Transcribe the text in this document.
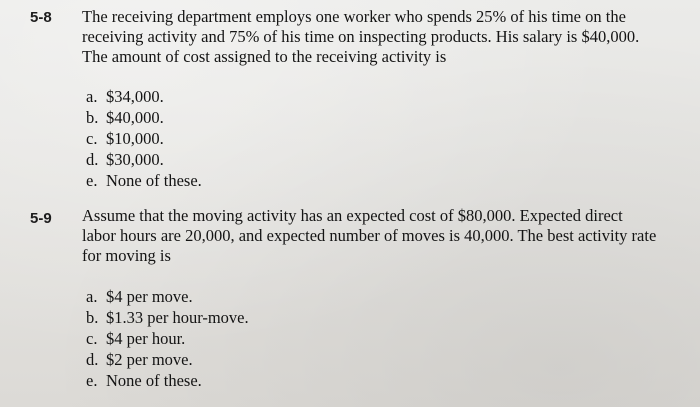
5-8 The receiving department employs one worker who spends 25% of his time on the
receiving activity and 75% of his time on inspecting products. His salary is $40,000.
The amount of cost assigned to the receiving activity is

a. $34,000.
b. $40,000.
c. $10,000.
d. $30,000.
e. None of these.
5-9 Assume that the moving activity has an expected cost of $80,000. Expected direct
labor hours are 20,000, and expected number of moves is 40,000. The best activity rate
for moving is

a. $4 per move.
b. $1.33 per hour-move.
c. $4 per hour.
d. $2 per move.
e. None of these.
